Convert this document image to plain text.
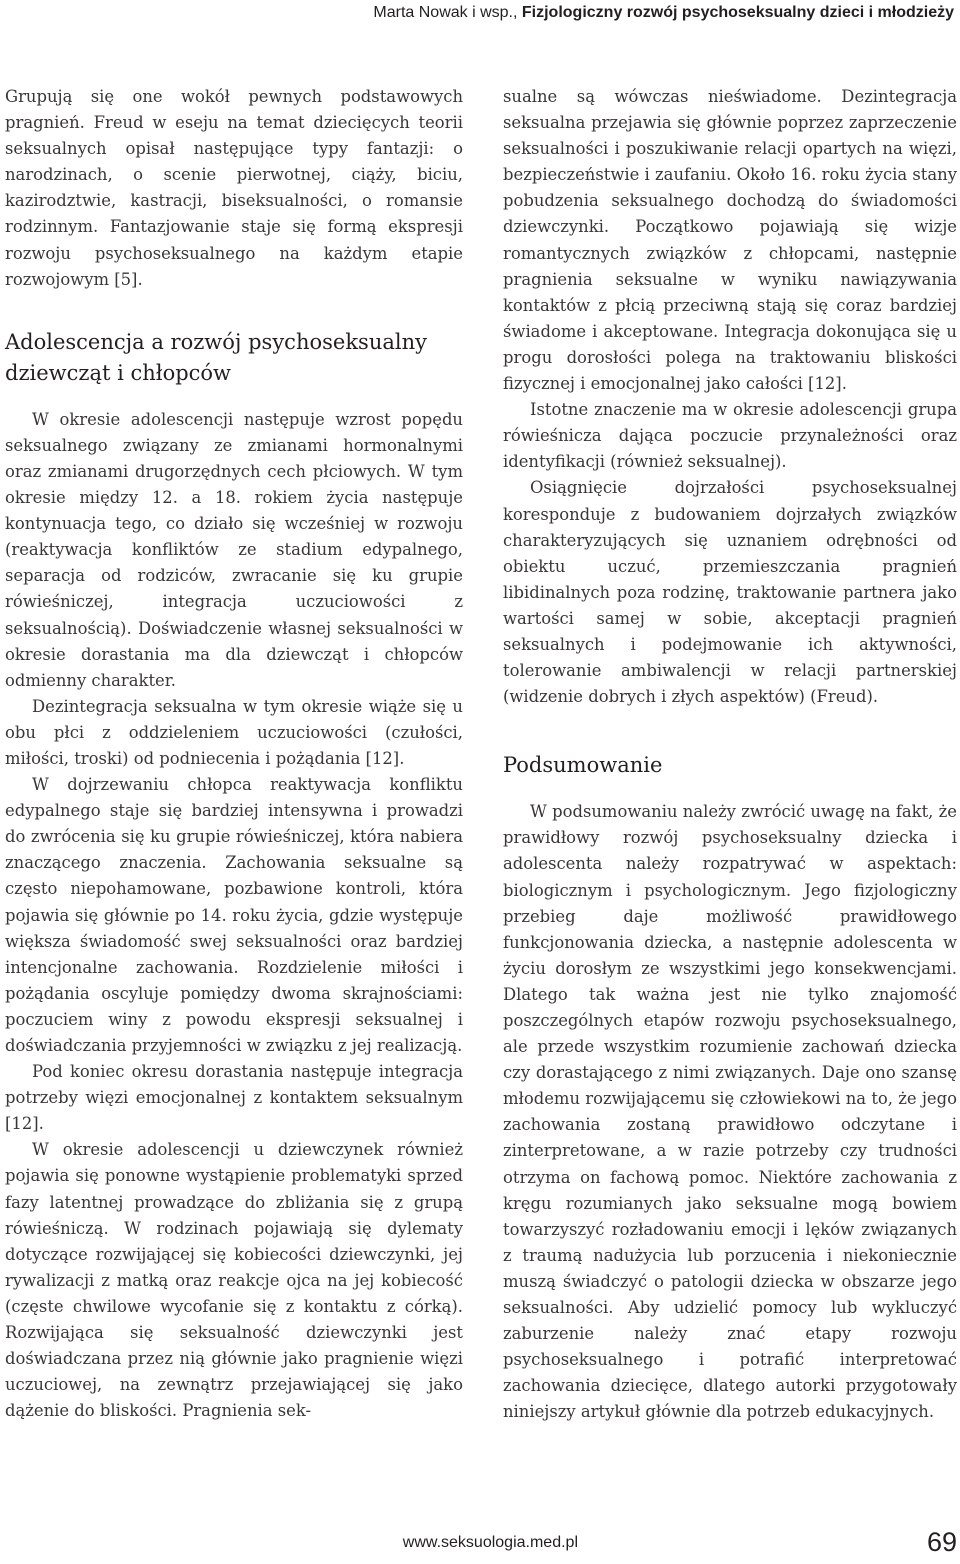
Marta Nowak i wsp., Fizjologiczny rozwój psychoseksualny dzieci i młodzieży

Grupują się one wokół pewnych podstawowych pragnień. Freud w eseju na temat dziecięcych teorii seksualnych opisał następujące typy fantazji: o narodzinach, o scenie pierwotnej, ciąży, biciu, kazirodztwie, kastracji, biseksualności, o romansie rodzinnym. Fantazjowanie staje się formą ekspresji rozwoju psychoseksualnego na każdym etapie rozwojowym [5].

Adolescencja a rozwój psychoseksualny dziewcząt i chłopców

W okresie adolescencji następuje wzrost popędu seksualnego związany ze zmianami hormonalnymi oraz zmianami drugorzędnych cech płciowych. W tym okresie między 12. a 18. rokiem życia następuje kontynuacja tego, co działo się wcześniej w rozwoju (reaktywacja konfliktów ze stadium edypalnego, separacja od rodziców, zwracanie się ku grupie rówieśniczej, integracja uczuciowości z seksualnością). Doświadczenie własnej seksualności w okresie dorastania ma dla dziewcząt i chłopców odmienny charakter.

Dezintegracja seksualna w tym okresie wiąże się u obu płci z oddzieleniem uczuciowości (czułości, miłości, troski) od podniecenia i pożądania [12].

W dojrzewaniu chłopca reaktywacja konfliktu edypalnego staje się bardziej intensywna i prowadzi do zwrócenia się ku grupie rówieśniczej, która nabiera znaczącego znaczenia. Zachowania seksualne są często niepohamowane, pozbawione kontroli, która pojawia się głównie po 14. roku życia, gdzie występuje większa świadomość swej seksualności oraz bardziej intencjonalne zachowania. Rozdzielenie miłości i pożądania oscyluje pomiędzy dwoma skrajnościami: poczuciem winy z powodu ekspresji seksualnej i doświadczania przyjemności w związku z jej realizacją.

Pod koniec okresu dorastania następuje integracja potrzeby więzi emocjonalnej z kontaktem seksualnym [12].

W okresie adolescencji u dziewczynek również pojawia się ponowne wystąpienie problematyki sprzed fazy latentnej prowadzące do zbliżania się z grupą rówieśniczą. W rodzinach pojawiają się dylematy dotyczące rozwijającej się kobiecości dziewczynki, jej rywalizacji z matką oraz reakcje ojca na jej kobiecość (częste chwilowe wycofanie się z kontaktu z córką). Rozwijająca się seksualność dziewczynki jest doświadczana przez nią głównie jako pragnienie więzi uczuciowej, na zewnątrz przejawiającej się jako dążenie do bliskości. Pragnienia sek-

sualne są wówczas nieświadome. Dezintegracja seksualna przejawia się głównie poprzez zaprzeczenie seksualności i poszukiwanie relacji opartych na więzi, bezpieczeństwie i zaufaniu. Około 16. roku życia stany pobudzenia seksualnego dochodzą do świadomości dziewczynki. Początkowo pojawiają się wizje romantycznych związków z chłopcami, następnie pragnienia seksualne w wyniku nawiązywania kontaktów z płcią przeciwną stają się coraz bardziej świadome i akceptowane. Integracja dokonująca się u progu dorosłości polega na traktowaniu bliskości fizycznej i emocjonalnej jako całości [12].

Istotne znaczenie ma w okresie adolescencji grupa rówieśnicza dająca poczucie przynależności oraz identyfikacji (również seksualnej).

Osiągnięcie dojrzałości psychoseksualnej koresponduje z budowaniem dojrzałych związków charakteryzujących się uznaniem odrębności od obiektu uczuć, przemieszczania pragnień libidinalnych poza rodzinę, traktowanie partnera jako wartości samej w sobie, akceptacji pragnień seksualnych i podejmowanie ich aktywności, tolerowanie ambiwalencji w relacji partnerskiej (widzenie dobrych i złych aspektów) (Freud).

Podsumowanie

W podsumowaniu należy zwrócić uwagę na fakt, że prawidłowy rozwój psychoseksualny dziecka i adolescenta należy rozpatrywać w aspektach: biologicznym i psychologicznym. Jego fizjologiczny przebieg daje możliwość prawidłowego funkcjonowania dziecka, a następnie adolescenta w życiu dorosłym ze wszystkimi jego konsekwencjami. Dlatego tak ważna jest nie tylko znajomość poszczególnych etapów rozwoju psychoseksualnego, ale przede wszystkim rozumienie zachowań dziecka czy dorastającego z nimi związanych. Daje ono szansę młodemu rozwijającemu się człowiekowi na to, że jego zachowania zostaną prawidłowo odczytane i zinterpretowane, a w razie potrzeby czy trudności otrzyma on fachową pomoc. Niektóre zachowania z kręgu rozumianych jako seksualne mogą bowiem towarzyszyć rozładowaniu emocji i lęków związanych z traumą nadużycia lub porzucenia i niekoniecznie muszą świadczyć o patologii dziecka w obszarze jego seksualności. Aby udzielić pomocy lub wykluczyć zaburzenie należy znać etapy rozwoju psychoseksualnego i potrafić interpretować zachowania dziecięce, dlatego autorki przygotowały niniejszy artykuł głównie dla potrzeb edukacyjnych.

www.seksuologia.med.pl	69
